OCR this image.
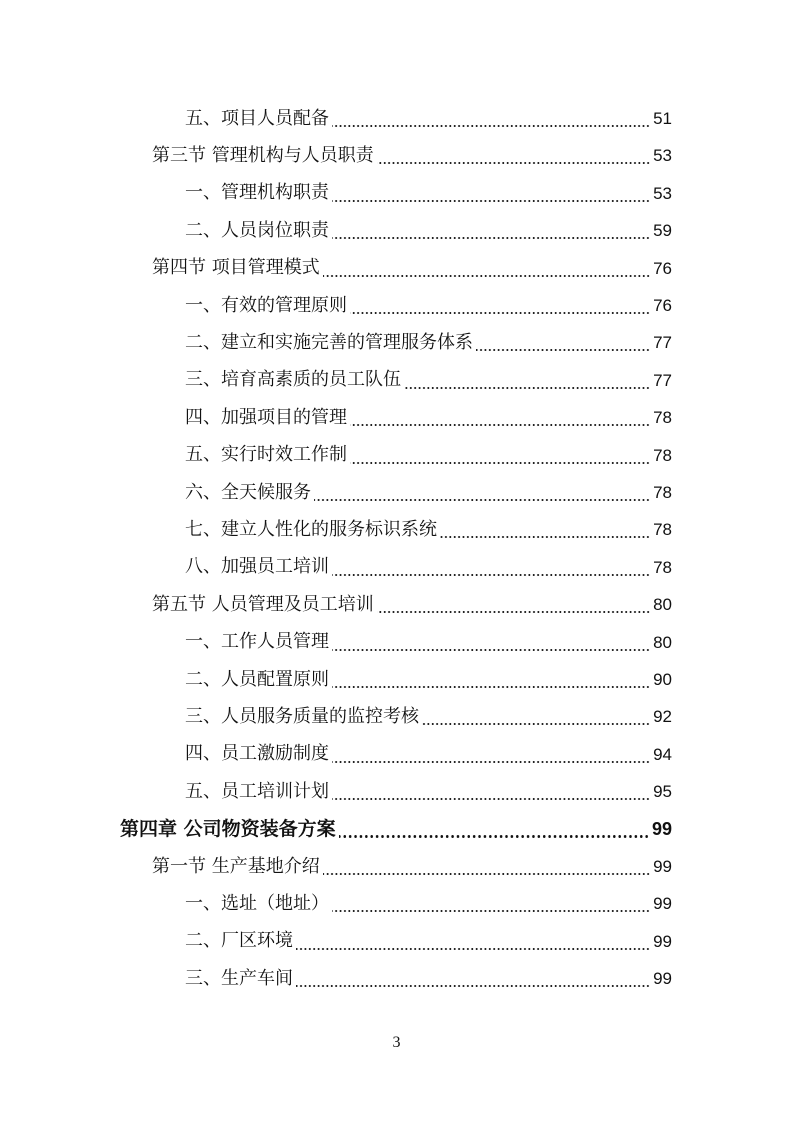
五、项目人员配备	51
第三节 管理机构与人员职责	53
一、管理机构职责	53
二、人员岗位职责	59
第四节 项目管理模式	76
一、有效的管理原则	76
二、建立和实施完善的管理服务体系	77
三、培育高素质的员工队伍	77
四、加强项目的管理	78
五、实行时效工作制	78
六、全天候服务	78
七、建立人性化的服务标识系统	78
八、加强员工培训	78
第五节 人员管理及员工培训	80
一、工作人员管理	80
二、人员配置原则	90
三、人员服务质量的监控考核	92
四、员工激励制度	94
五、员工培训计划	95
第四章 公司物资装备方案	99
第一节 生产基地介绍	99
一、选址（地址）	99
二、厂区环境	99
三、生产车间	99
3
